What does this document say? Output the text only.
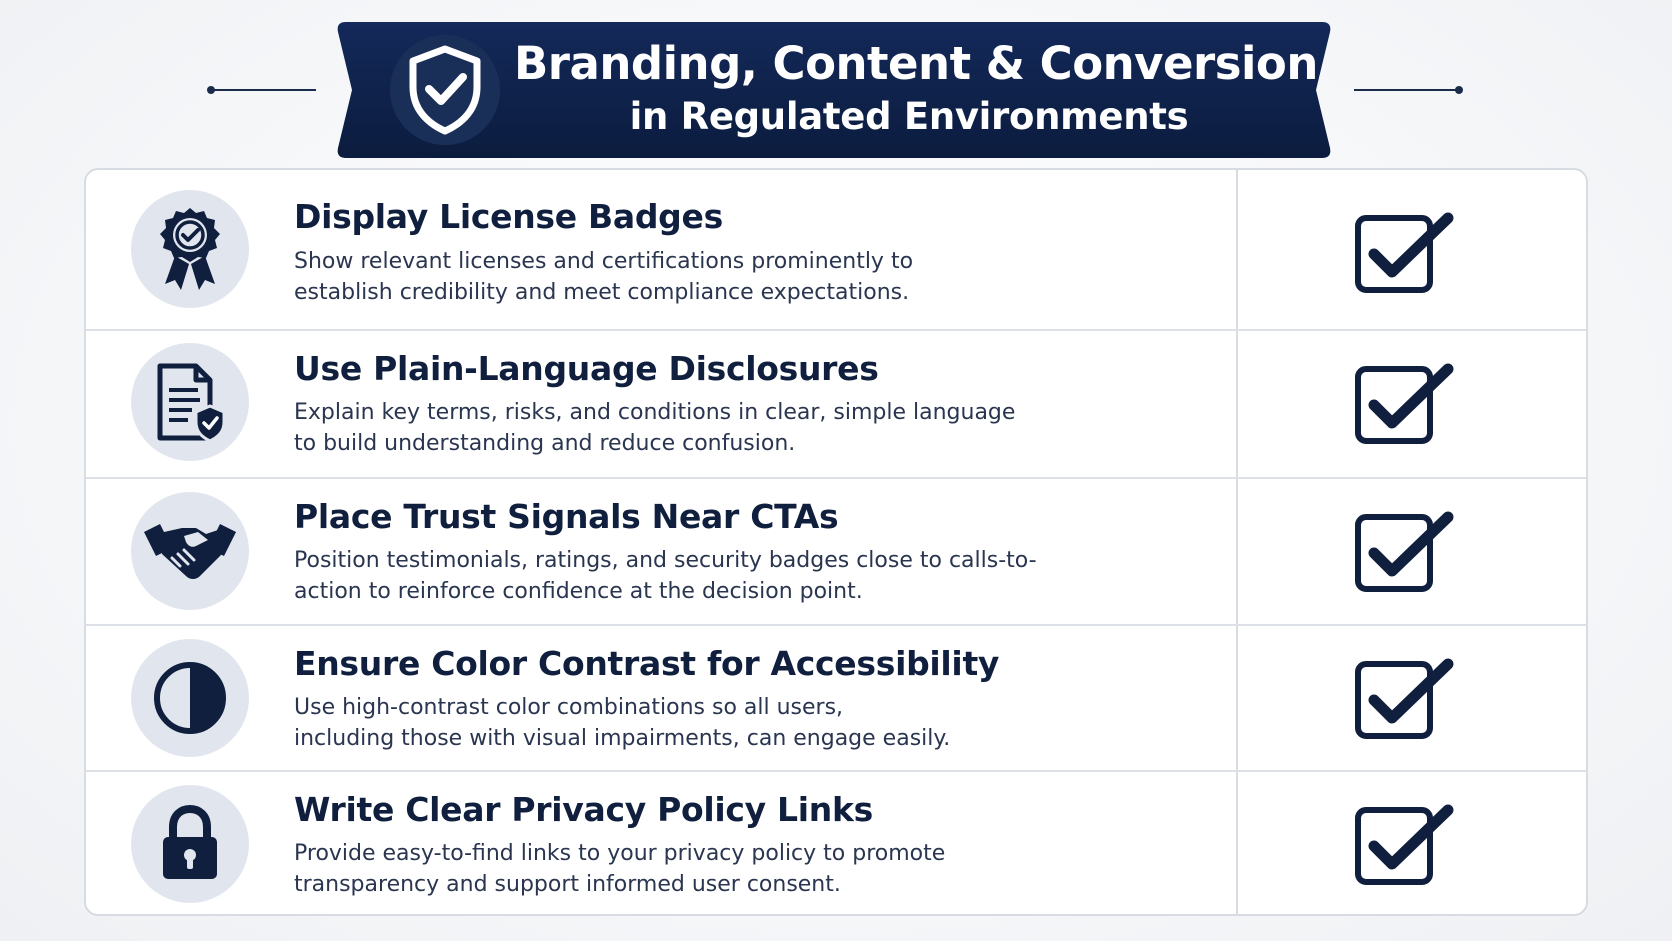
Branding, Content & Conversion
in Regulated Environments
Display License Badges
Show relevant licenses and certifications prominently to
establish credibility and meet compliance expectations.
Use Plain-Language Disclosures
Explain key terms, risks, and conditions in clear, simple language
to build understanding and reduce confusion.
Place Trust Signals Near CTAs
Position testimonials, ratings, and security badges close to calls-to-
action to reinforce confidence at the decision point.
Ensure Color Contrast for Accessibility
Use high-contrast color combinations so all users,
including those with visual impairments, can engage easily.
Write Clear Privacy Policy Links
Provide easy-to-find links to your privacy policy to promote
transparency and support informed user consent.
